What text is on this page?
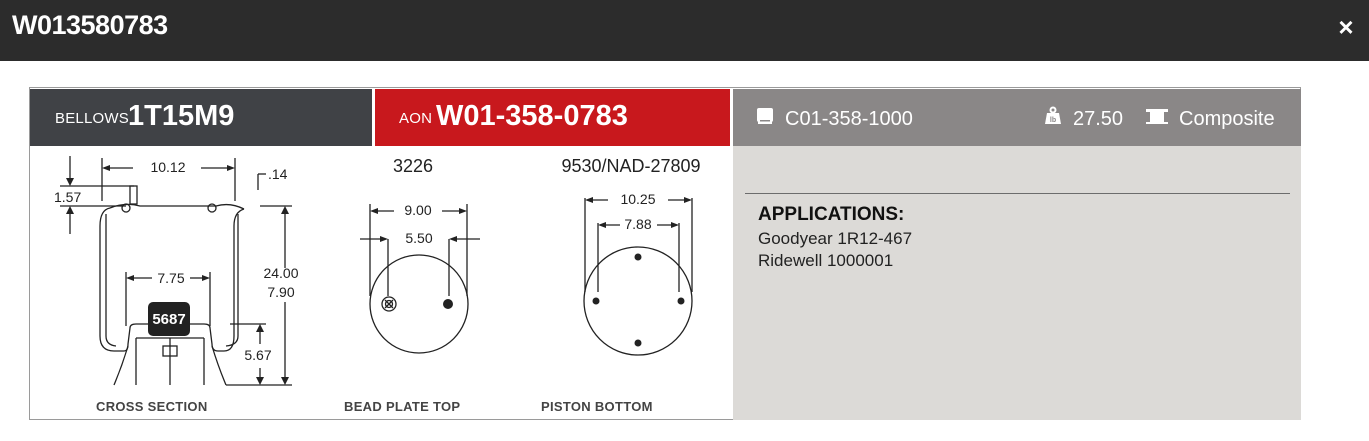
W013580783	×
BELLOWS 1T15M9	AON W01-358-0783	C01-358-1000	lb 27.50	Composite
10.12	.14
1.57
7.75	24.00
7.90
5.67
5687
9.00
5.50
3226
10.25
7.88
9530/NAD-27809
CROSS SECTION	BEAD PLATE TOP	PISTON BOTTOM
APPLICATIONS:
Goodyear 1R12-467
Ridewell 1000001
